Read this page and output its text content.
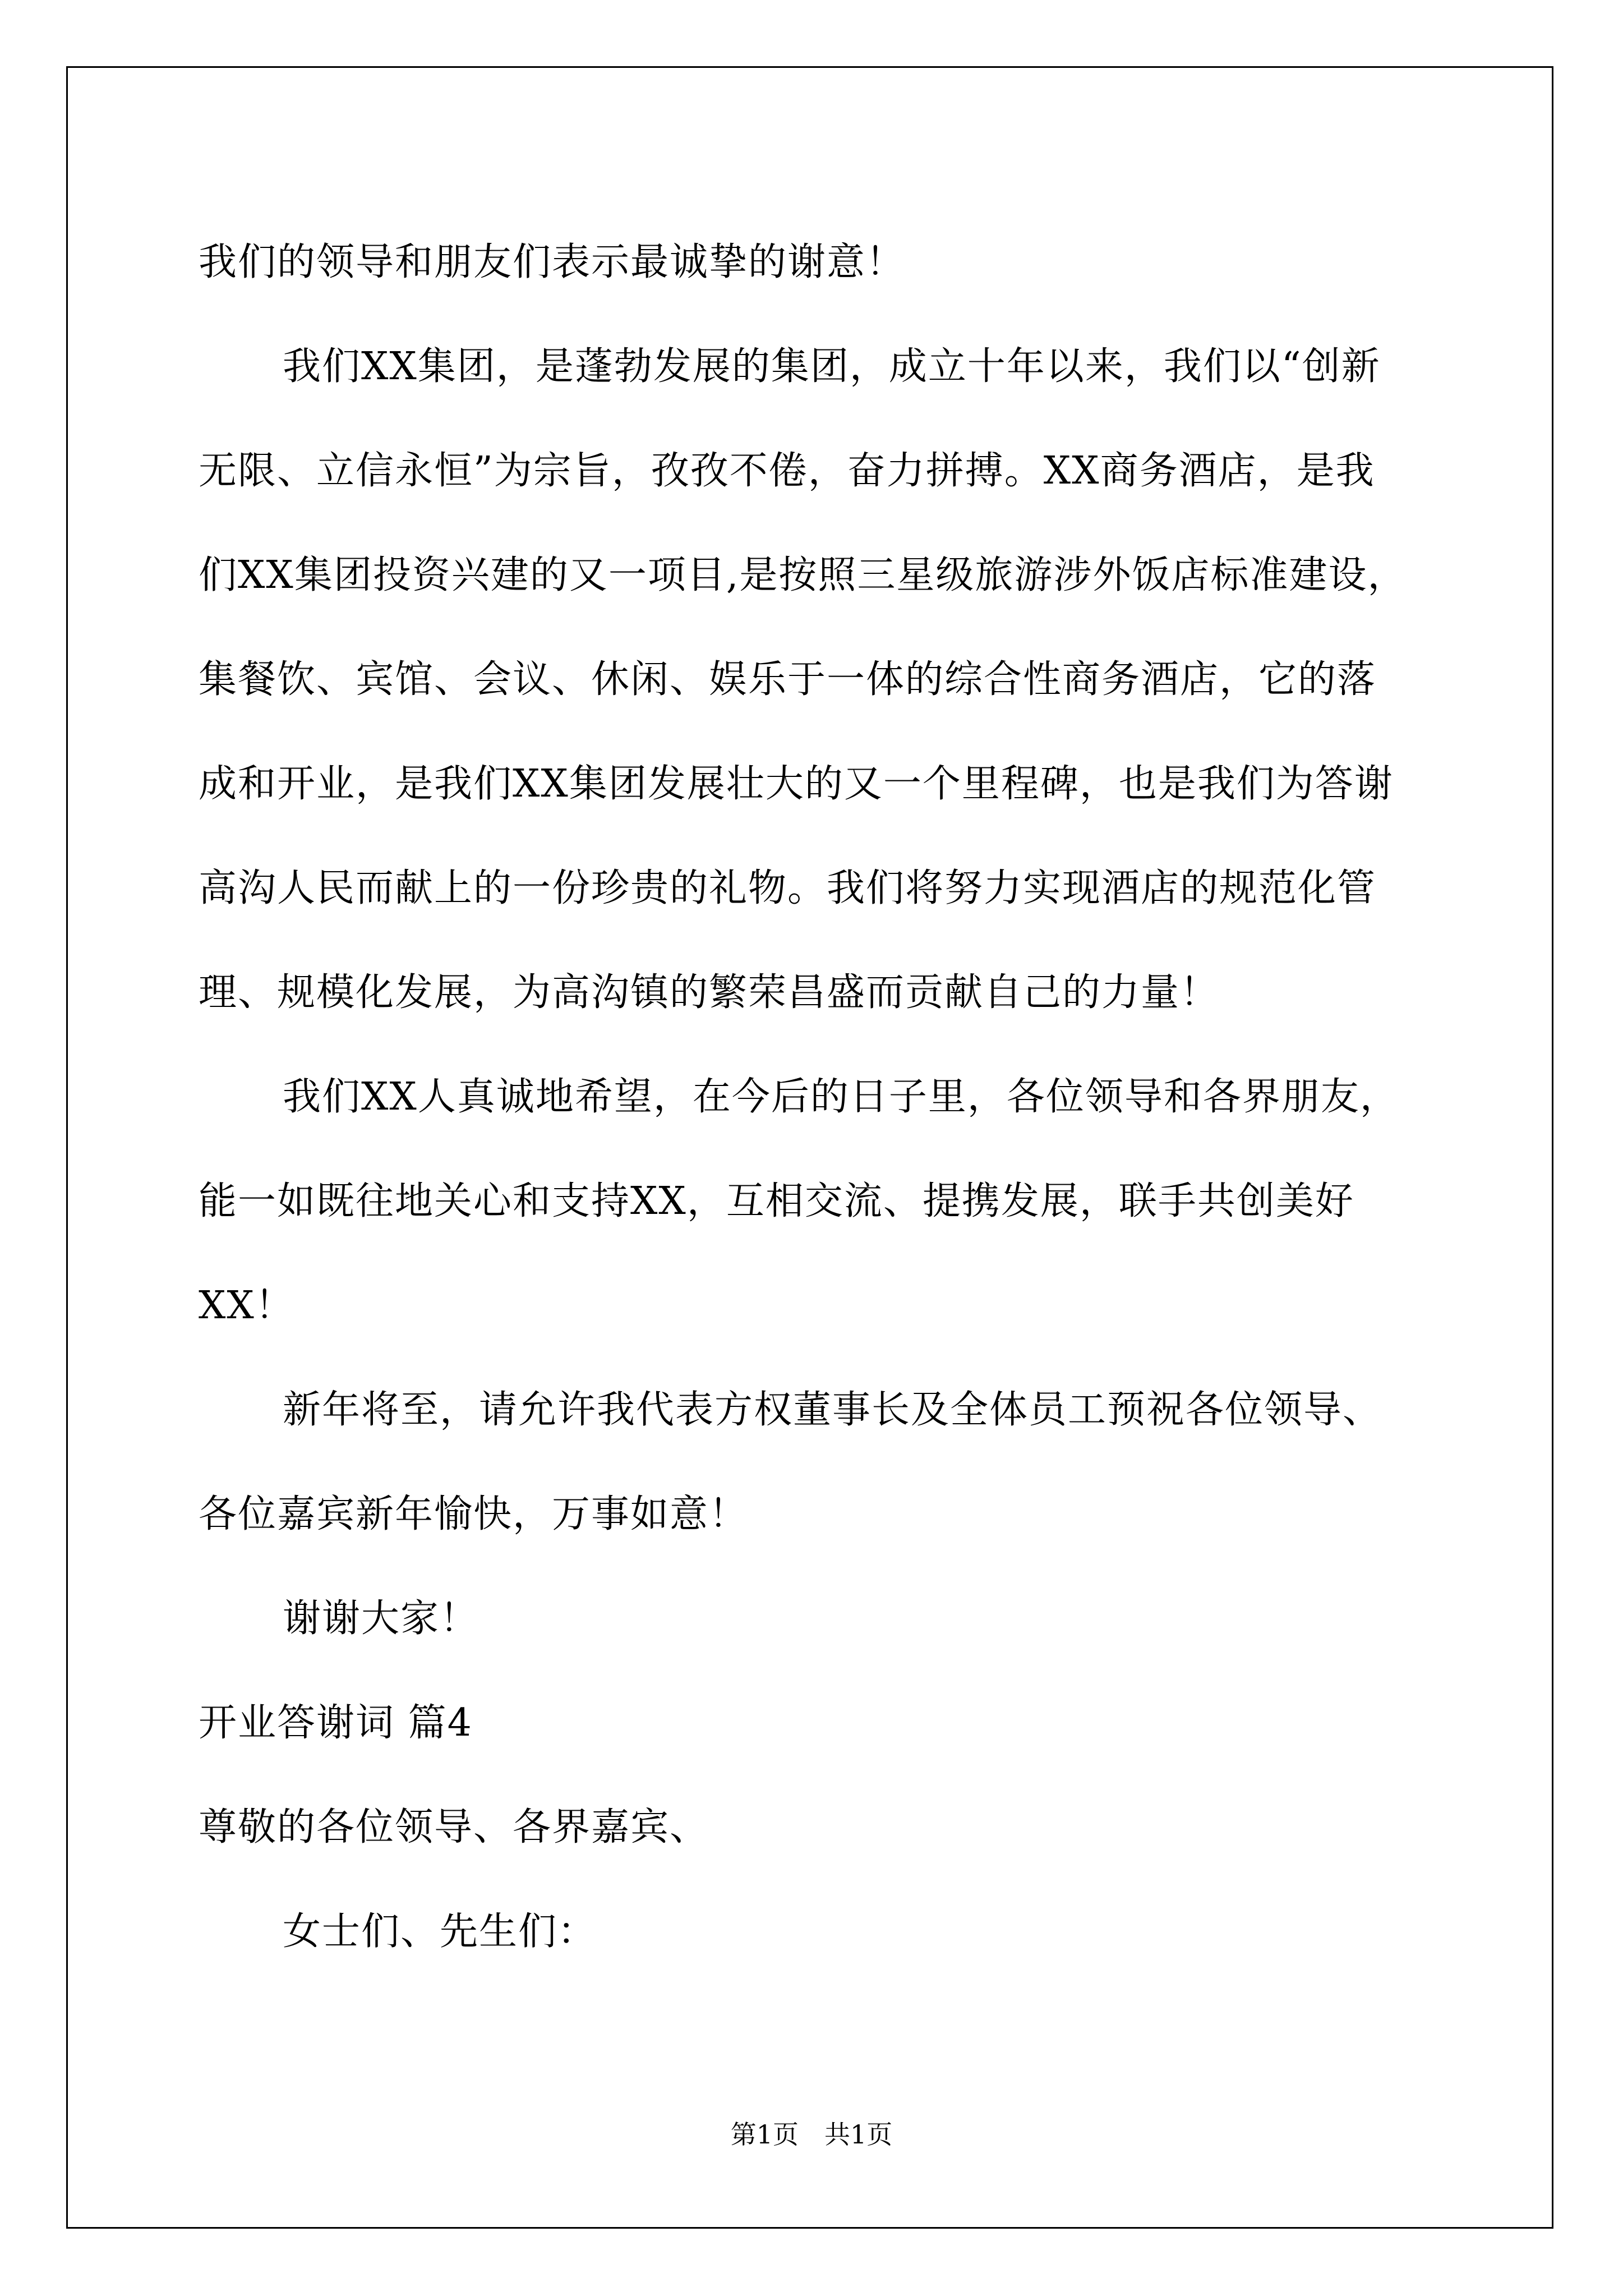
我们的领导和朋友们表示最诚挚的谢意！
我们XX集团，是蓬勃发展的集团，成立十年以来，我们以“创新
无限、立信永恒”为宗旨，孜孜不倦，奋力拼搏。XX商务酒店，是我
们XX集团投资兴建的又一项目,是按照三星级旅游涉外饭店标准建设，
集餐饮、宾馆、会议、休闲、娱乐于一体的综合性商务酒店，它的落
成和开业，是我们XX集团发展壮大的又一个里程碑，也是我们为答谢
高沟人民而献上的一份珍贵的礼物。我们将努力实现酒店的规范化管
理、规模化发展，为高沟镇的繁荣昌盛而贡献自己的力量！
我们XX人真诚地希望，在今后的日子里，各位领导和各界朋友，
能一如既往地关心和支持XX，互相交流、提携发展，联手共创美好
XX！
新年将至，请允许我代表方权董事长及全体员工预祝各位领导、
各位嘉宾新年愉快，万事如意！
谢谢大家！
开业答谢词 篇4
尊敬的各位领导、各界嘉宾、
女士们、先生们：
第1页　共1页
